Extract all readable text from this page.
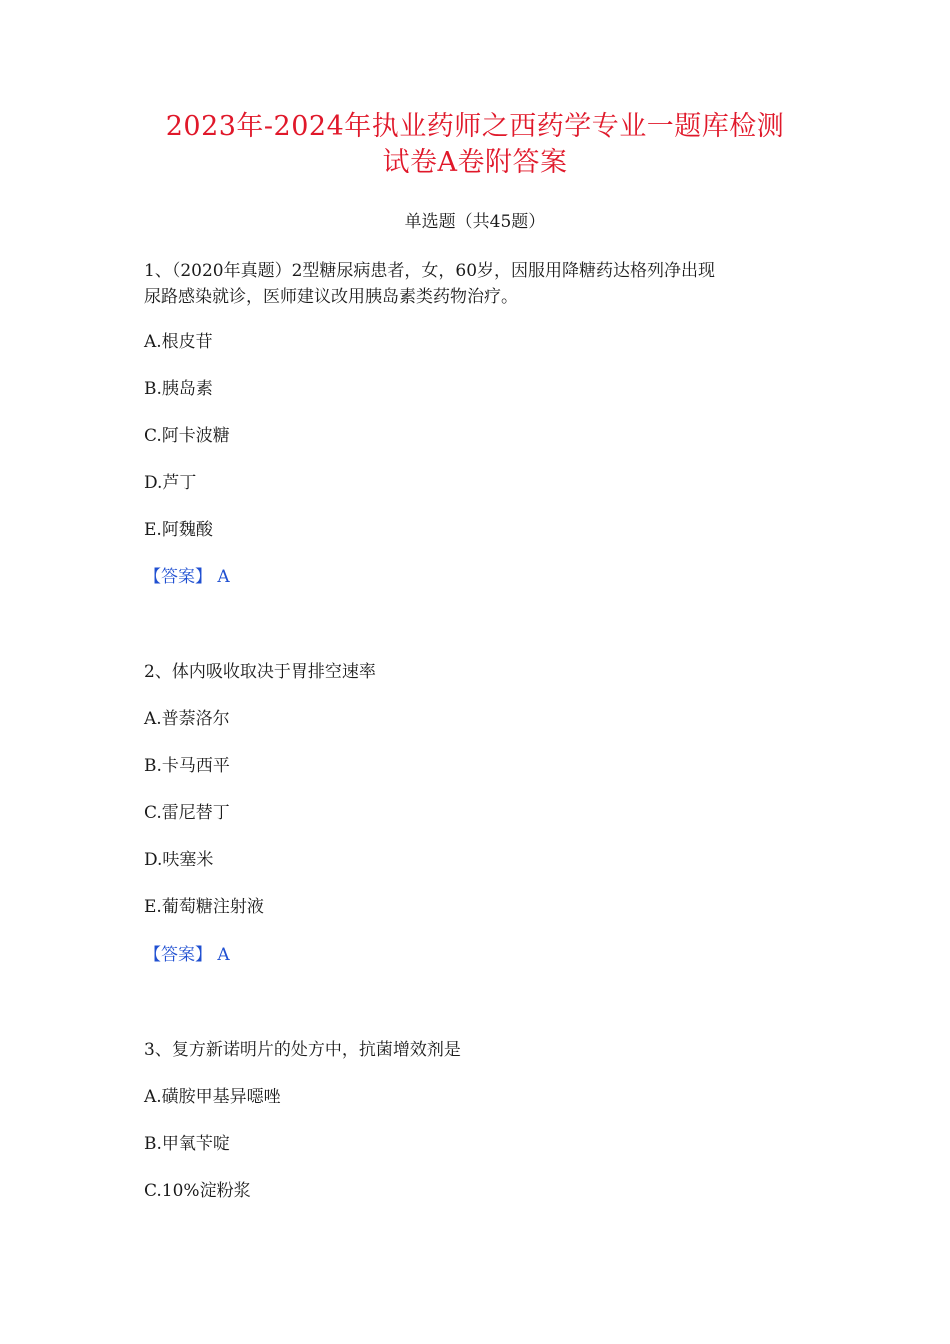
2023年-2024年执业药师之西药学专业一题库检测
试卷A卷附答案
单选题（共45题）
1、（2020年真题）2型糖尿病患者，女，60岁，因服用降糖药达格列净出现
尿路感染就诊，医师建议改用胰岛素类药物治疗。
A.根皮苷
B.胰岛素
C.阿卡波糖
D.芦丁
E.阿魏酸
【答案】 A
2、体内吸收取决于胃排空速率
A.普萘洛尔
B.卡马西平
C.雷尼替丁
D.呋塞米
E.葡萄糖注射液
【答案】 A
3、复方新诺明片的处方中，抗菌增效剂是
A.磺胺甲基异噁唑
B.甲氧苄啶
C.10%淀粉浆
